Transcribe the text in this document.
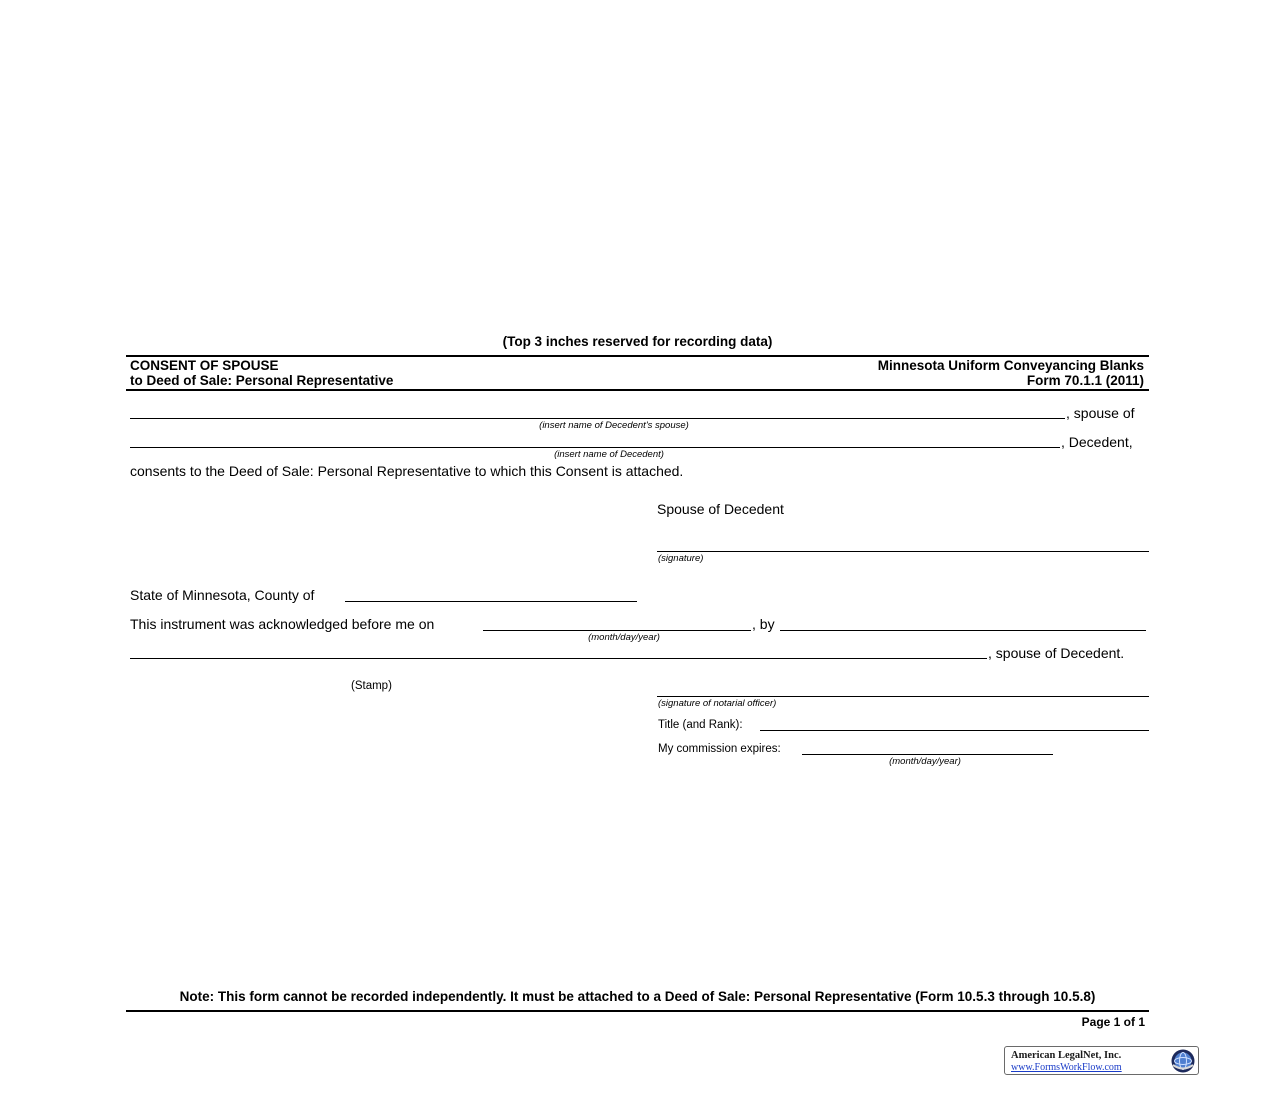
(Top 3 inches reserved for recording data)
CONSENT OF SPOUSE
to Deed of Sale: Personal Representative
Minnesota Uniform Conveyancing Blanks
Form 70.1.1 (2011)
, spouse of
(insert name of Decedent's spouse)
, Decedent,
(insert name of Decedent)
consents to the Deed of Sale: Personal Representative to which this Consent is attached.
Spouse of Decedent
(signature)
State of Minnesota, County of
This instrument was acknowledged before me on
(month/day/year)
, by
, spouse of Decedent.
(Stamp)
(signature of notarial officer)
Title (and Rank):
My commission expires:
(month/day/year)
Note: This form cannot be recorded independently. It must be attached to a Deed of Sale: Personal Representative (Form 10.5.3 through 10.5.8)
Page 1 of 1
American LegalNet, Inc.
www.FormsWorkFlow.com
